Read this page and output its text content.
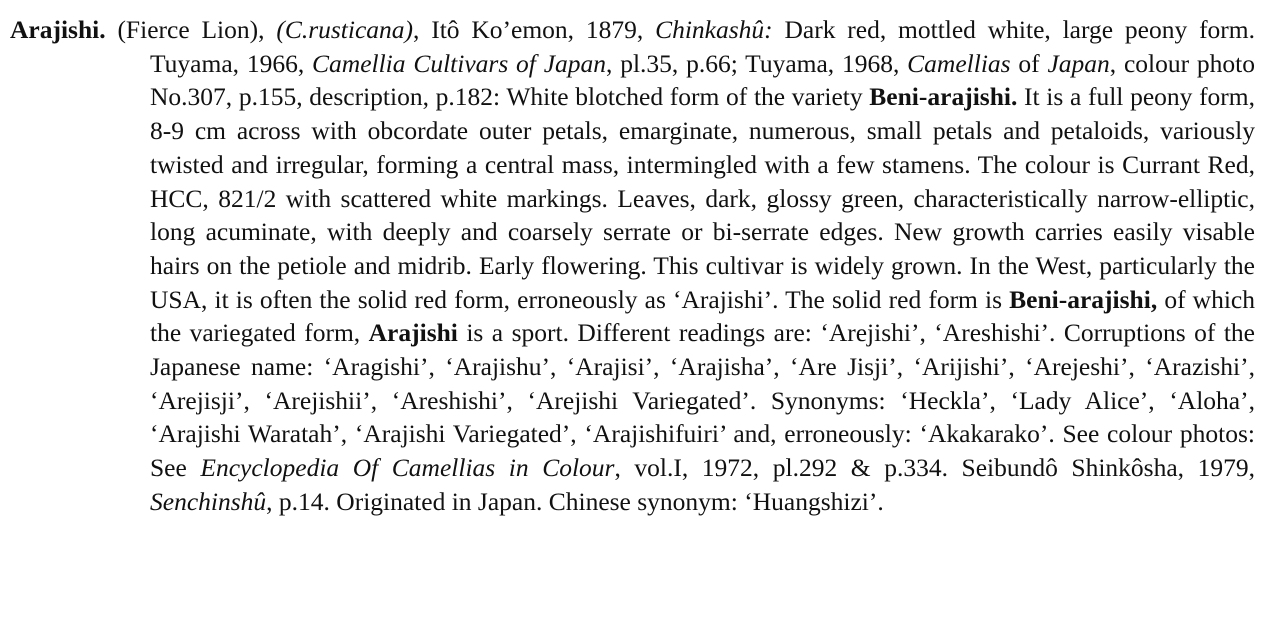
Arajishi. (Fierce Lion), (C.rusticana), Itô Ko’emon, 1879, Chinkashû: Dark red, mottled white, large peony form. Tuyama, 1966, Camellia Cultivars of Japan, pl.35, p.66; Tuyama, 1968, Camellias of Japan, colour photo No.307, p.155, description, p.182: White blotched form of the variety Beni-arajishi. It is a full peony form, 8-9 cm across with obcordate outer petals, emarginate, numerous, small petals and petaloids, variously twisted and irregular, forming a central mass, intermingled with a few stamens. The colour is Currant Red, HCC, 821/2 with scattered white markings. Leaves, dark, glossy green, characteristically narrow-elliptic, long acuminate, with deeply and coarsely serrate or bi-serrate edges. New growth carries easily visable hairs on the petiole and midrib. Early flowering. This cultivar is widely grown. In the West, particularly the USA, it is often the solid red form, erroneously as ‘Arajishi’. The solid red form is Beni-arajishi, of which the variegated form, Arajishi is a sport. Different readings are: ‘Arejishi’, ‘Areshishi’. Corruptions of the Japanese name: ‘Aragishi’, ‘Arajishu’, ‘Arajisi’, ‘Arajisha’, ‘Are Jisji’, ‘Arijishi’, ‘Arejeshi’, ‘Arazishi’, ‘Arejisji’, ‘Arejishii’, ‘Areshishi’, ‘Arejishi Variegated’. Synonyms: ‘Heckla’, ‘Lady Alice’, ‘Aloha’, ‘Arajishi Waratah’, ‘Arajishi Variegated’, ‘Arajishifuiri’ and, erroneously: ‘Akakarako’. See colour photos: See Encyclopedia Of Camellias in Colour, vol.I, 1972, pl.292 & p.334. Seibundô Shinkôsha, 1979, Senchinshû, p.14. Originated in Japan. Chinese synonym: ‘Huangshizi’.
